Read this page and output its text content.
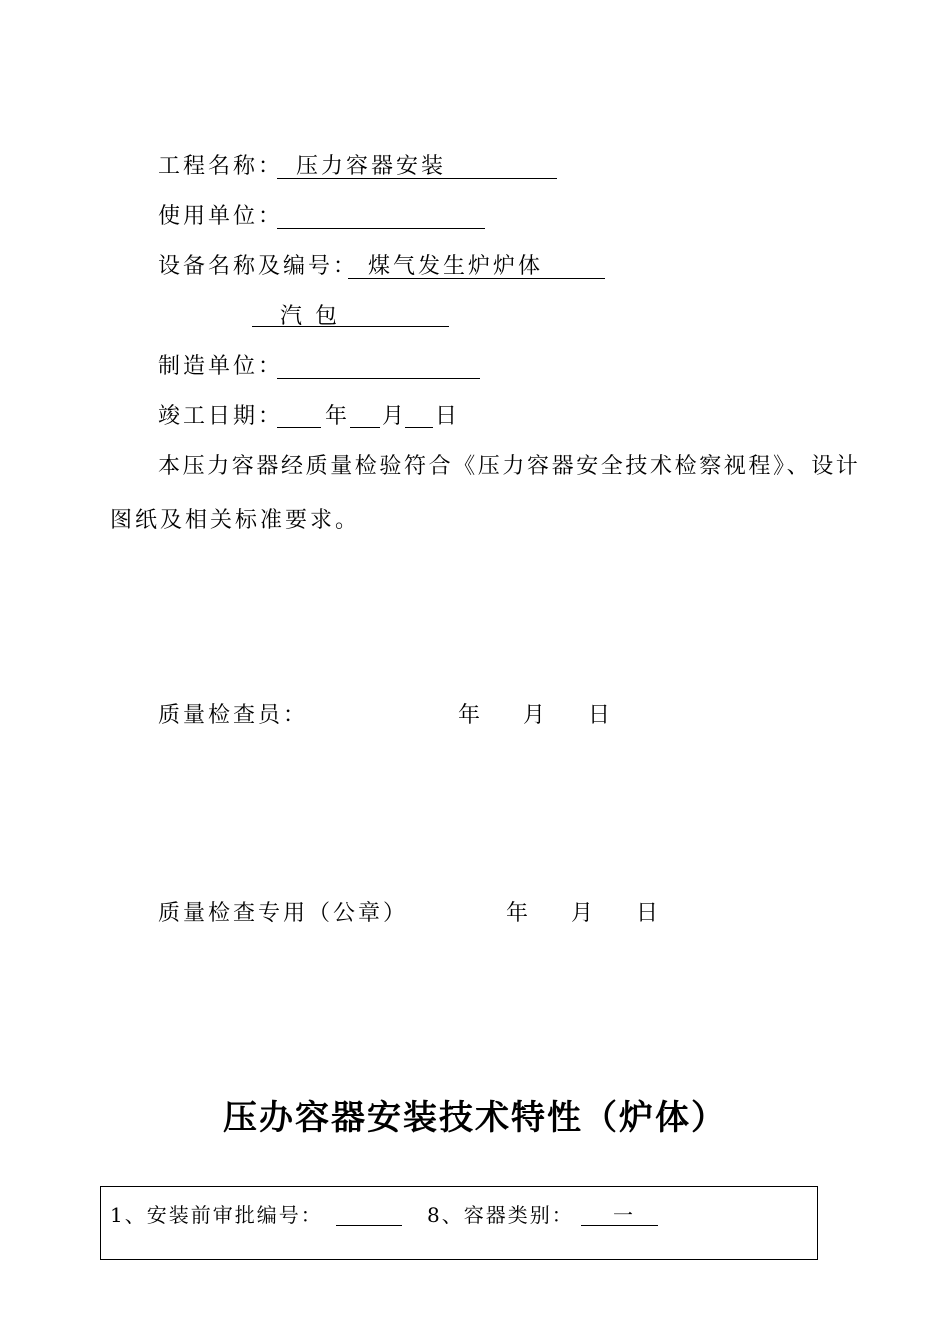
工程名称： 压力容器安装
使用单位：
设备名称及编号： 煤气发生炉炉体
汽 包
制造单位：
竣工日期： 年 月 日
本压力容器经质量检验符合《压力容器安全技术检察视程》、设计
图纸及相关标准要求。
质量检查员：	年    月    日
质量检查专用（公章）	年    月    日
压办容器安装技术特性（炉体）
1、安装前审批编号：	8、容器类别： 一
